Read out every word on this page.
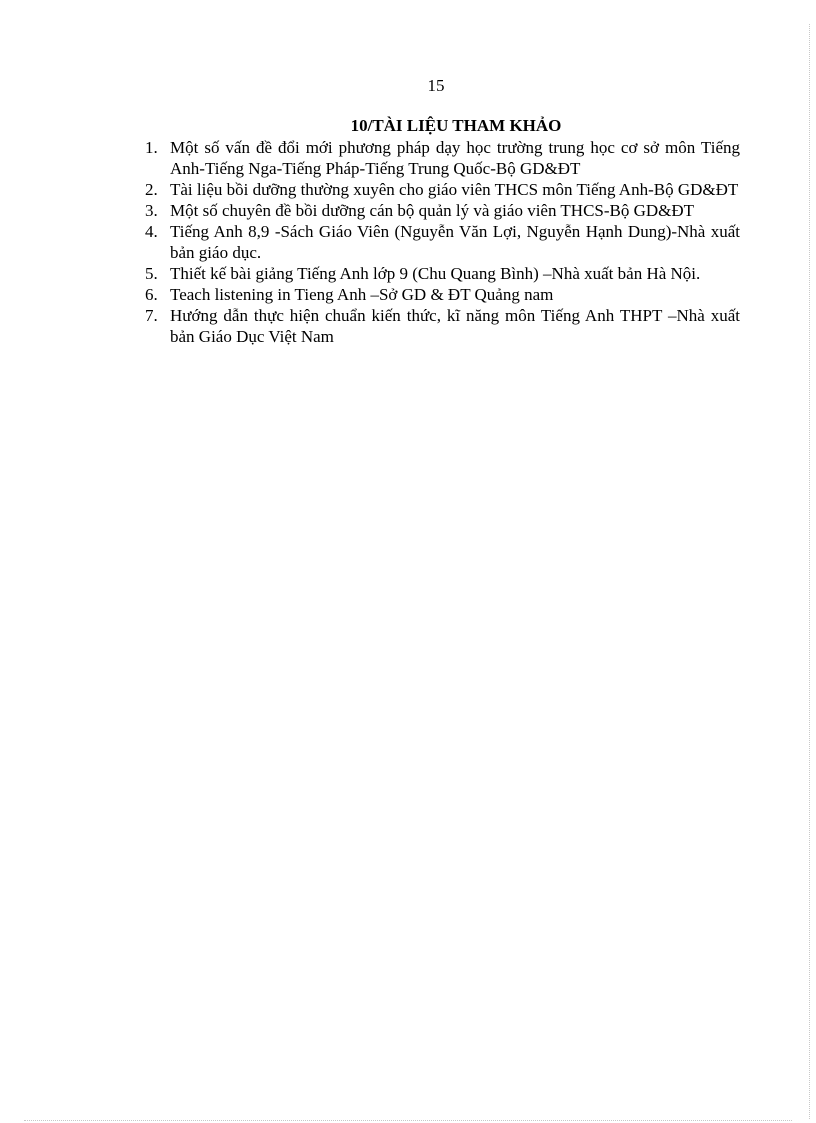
15
10/TÀI LIỆU THAM KHẢO
1. Một số vấn đề đổi mới phương pháp dạy học trường trung học cơ sở môn Tiếng Anh-Tiếng Nga-Tiếng Pháp-Tiếng Trung Quốc-Bộ GD&ĐT
2. Tài liệu bồi dưỡng thường xuyên cho giáo viên THCS môn Tiếng Anh-Bộ GD&ĐT
3. Một số chuyên đề bồi dưỡng cán bộ quản lý và giáo viên THCS-Bộ GD&ĐT
4. Tiếng Anh 8,9 -Sách Giáo Viên (Nguyễn Văn Lợi, Nguyễn Hạnh Dung)-Nhà xuất bản giáo dục.
5. Thiết kế bài giảng Tiếng Anh lớp 9 (Chu Quang Bình) –Nhà xuất bản Hà Nội.
6. Teach listening in Tieng Anh –Sở GD & ĐT Quảng nam
7. Hướng dẫn thực hiện chuẩn kiến thức, kĩ năng môn Tiếng Anh THPT –Nhà xuất bản Giáo Dục Việt Nam
